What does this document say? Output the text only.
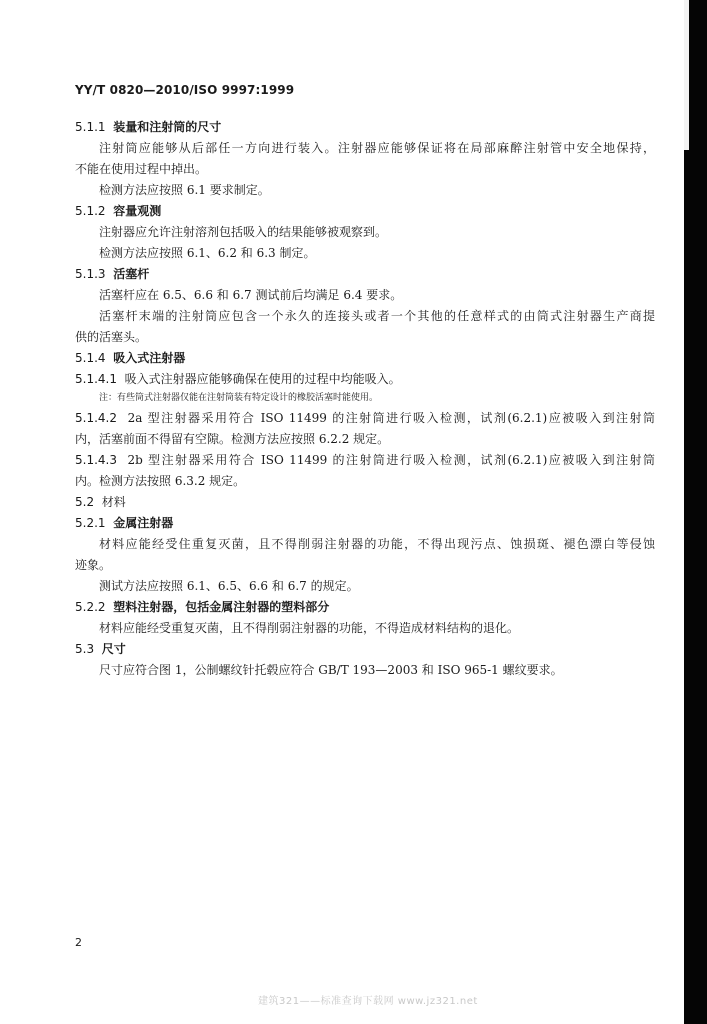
YY/T 0820—2010/ISO 9997:1999
5.1.1 装量和注射筒的尺寸
注射筒应能够从后部任一方向进行装入。注射器应能够保证将在局部麻醉注射管中安全地保持，
不能在使用过程中掉出。
检测方法应按照 6.1 要求制定。
5.1.2 容量观测
注射器应允许注射溶剂包括吸入的结果能够被观察到。
检测方法应按照 6.1、6.2 和 6.3 制定。
5.1.3 活塞杆
活塞杆应在 6.5、6.6 和 6.7 测试前后均满足 6.4 要求。
活塞杆末端的注射筒应包含一个永久的连接头或者一个其他的任意样式的由筒式注射器生产商提
供的活塞头。
5.1.4 吸入式注射器
5.1.4.1 吸入式注射器应能够确保在使用的过程中均能吸入。
注：有些筒式注射器仅能在注射筒装有特定设计的橡胶活塞时能使用。
5.1.4.2 2a 型注射器采用符合 ISO 11499 的注射筒进行吸入检测，试剂(6.2.1)应被吸入到注射筒
内，活塞前面不得留有空隙。检测方法应按照 6.2.2 规定。
5.1.4.3 2b 型注射器采用符合 ISO 11499 的注射筒进行吸入检测，试剂(6.2.1)应被吸入到注射筒
内。检测方法按照 6.3.2 规定。
5.2 材料
5.2.1 金属注射器
材料应能经受住重复灭菌，且不得削弱注射器的功能，不得出现污点、蚀损斑、褪色漂白等侵蚀
迹象。
测试方法应按照 6.1、6.5、6.6 和 6.7 的规定。
5.2.2 塑料注射器，包括金属注射器的塑料部分
材料应能经受重复灭菌，且不得削弱注射器的功能，不得造成材料结构的退化。
5.3 尺寸
尺寸应符合图 1，公制螺纹针托毂应符合 GB/T 193—2003 和 ISO 965-1 螺纹要求。
2
建筑321——标准查询下载网 www.jz321.net
